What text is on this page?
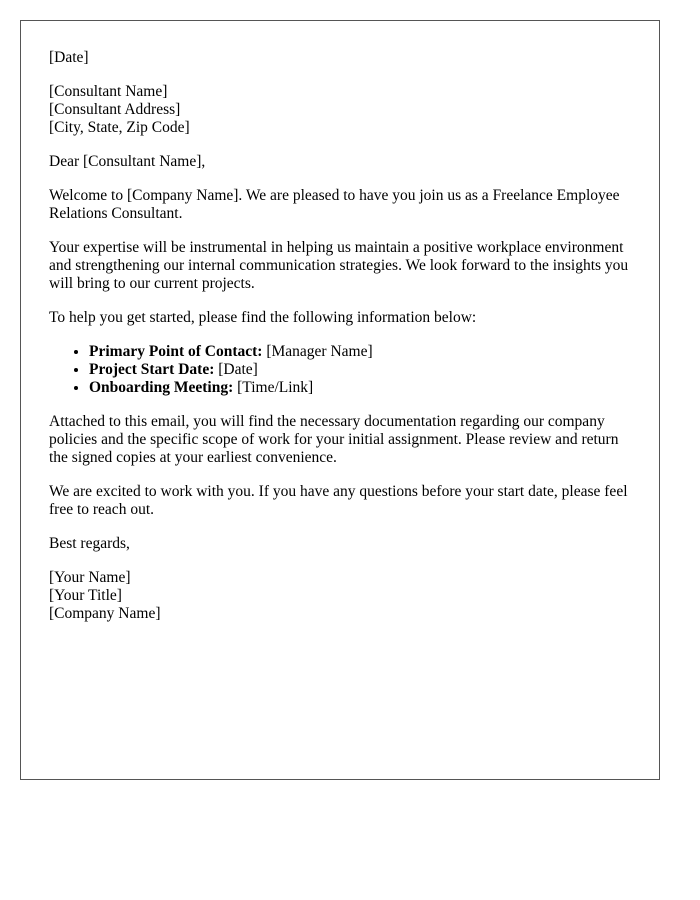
[Date]

[Consultant Name]
[Consultant Address]
[City, State, Zip Code]

Dear [Consultant Name],

Welcome to [Company Name]. We are pleased to have you join us as a Freelance Employee Relations Consultant.

Your expertise will be instrumental in helping us maintain a positive workplace environment and strengthening our internal communication strategies. We look forward to the insights you will bring to our current projects.

To help you get started, please find the following information below:

• Primary Point of Contact: [Manager Name]
• Project Start Date: [Date]
• Onboarding Meeting: [Time/Link]

Attached to this email, you will find the necessary documentation regarding our company policies and the specific scope of work for your initial assignment. Please review and return the signed copies at your earliest convenience.

We are excited to work with you. If you have any questions before your start date, please feel free to reach out.

Best regards,

[Your Name]
[Your Title]
[Company Name]
